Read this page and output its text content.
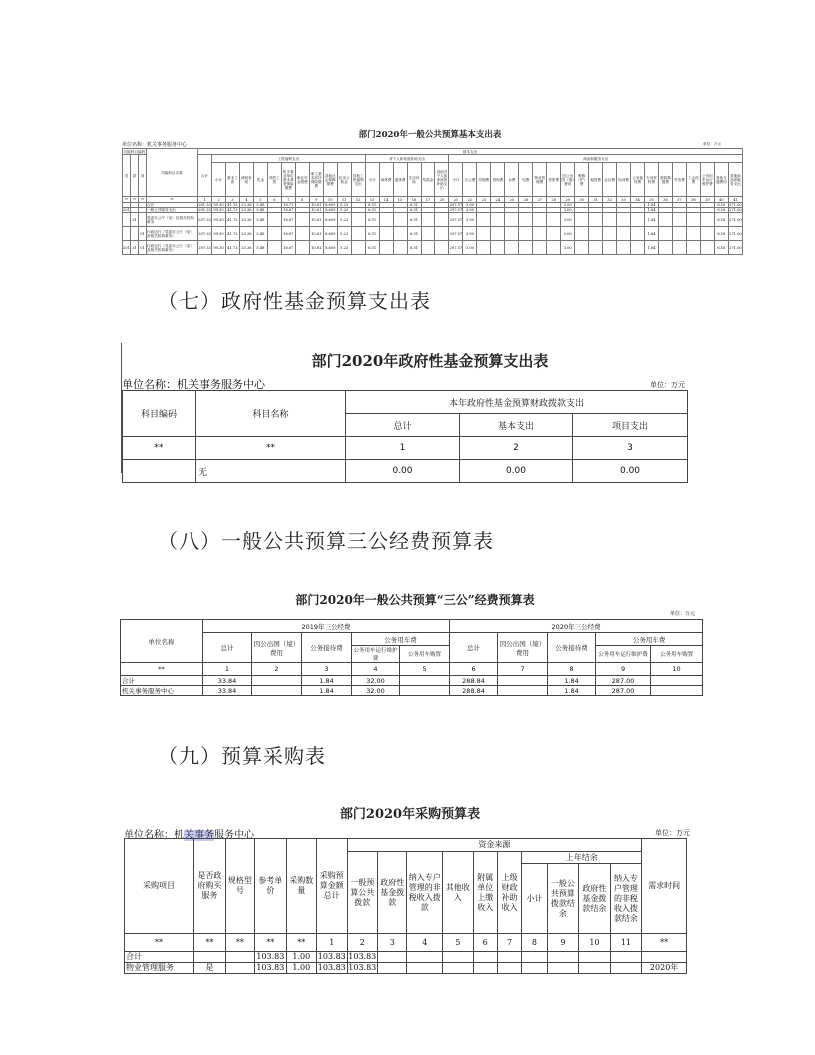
部门2020年一般公共预算基本支出表
单位名称：机关事务服务中心	单位：万元
功能科目编码			功能科目名称	基本支出																																							
类	款	项		合计	工资福利支出											对个人和家庭补助支出						商品和服务支出																					
					小计	基本工资	津贴补贴	奖金	绩效工资	机关事业单位基本养老保险缴费	职业年金缴费	职工基本医疗保险缴费	其他社会保障缴费	住房公积金	其他工资福利支出	小计	离休费	退休费	生活补助	奖励金	其他对个人和家庭的补助支出	小计	办公费	印刷费	咨询费	水费	电费	物业管理费	差旅费	因公出国（境）费用	维修（护）费	租赁费	会议费	培训费	公务接待费	专用材料费	被装购置费	劳务费	工会经费	公务用车运行维护费	其他交通费用	其他商品和服务支出	
**	**	**	**	1	2	3	4	5	6	7	8	9	10	11	12	13	14	15	16	17	20	21	22	23	24	25	26	27	28	29	30	31	32	33	34	35	36	37	38	39	40	41	
			合计	291.33	99.30	41.13	23.36	5.48		16.71		10.81	8.609	5.23		6.51			6.51			297.57	3.00							3.00						1.84					6.16	271.00		
201			一般公共服务支出	291.33	99.30	41.73	23.36	5.48		16.67		10.81	8.609	5.23		6.51			6.51			297.57	3.00							3.00						1.84					6.16	271.00		
	31		党委办公厅（室）及相关机构事务	297.33	99.30	41.73	23.36	5.48		16.67		10.81	8.609	5.23		6.51			6.51			297.57	3.00							3.00						1.84					6.16	271.00		
		01	行政运行（党委办公厅（室）及相关机构事务）	297.33	99.30	41.73	23.36	5.48		16.67		10.81	8.609	5.23		6.51			6.51			297.57	3.00							3.00						1.84					6.16	271.00		
201	31	01	行政运行（党委办公厅（室）及相关机构事务）	297.33	99.30	41.73	23.36	5.48		16.67		10.81	8.609	5.23		6.51			6.51			297.57	3.00							3.00						1.84					6.16	271.00		
（七）政府性基金预算支出表
部门2020年政府性基金预算支出表
单位名称：机关事务服务中心	单位：万元
科目编码	科目名称	本年政府性基金预算财政拨款支出		
		总计	基本支出	项目支出
**	**	1	2	3
	无	0.00	0.00	0.00
（八）一般公共预算三公经费预算表
部门2020年一般公共预算“三公”经费预算表
单位：万元
单位名称	2019年三公经费					2020年三公经费				
	总计	因公出国（境）费用	公务接待费	公务用车费		总计	因公出国（境）费用	公务接待费	公务用车费	
				公务用车运行维护费	公务用车购置				公务用车运行维护费	公务用车购置
**	1	2	3	4	5	6	7	8	9	10
合计	33.84		1.84	32.00		288.84		1.84	287.00	
机关事务服务中心	33.84		1.84	32.00		288.84		1.84	287.00	
（九）预算采购表
部门2020年采购预算表
单位名称：机关事务服务中心	单位：万元
采购项目	是否政府购买服务	规格型号	参考单价	采购数量	采购预算金额总计	资金来源										需求时间
						一般预算公共拨款	政府性基金拨款	纳入专户管理的非税收入拨款	其他收入	附属单位上缴收入	上级财政补助收入	上年结余				
												小计	一般公共预算拨款结余	政府性基金拨款结余	纳入专户管理的非税收入拨款结余	
**	**	**	**	**	1	2	3	4	5	6	7	8	9	10	11	**
合计			103.83	1.00	103.83	103.83										
物业管理服务	是		103.83	1.00	103.83	103.83										2020年
